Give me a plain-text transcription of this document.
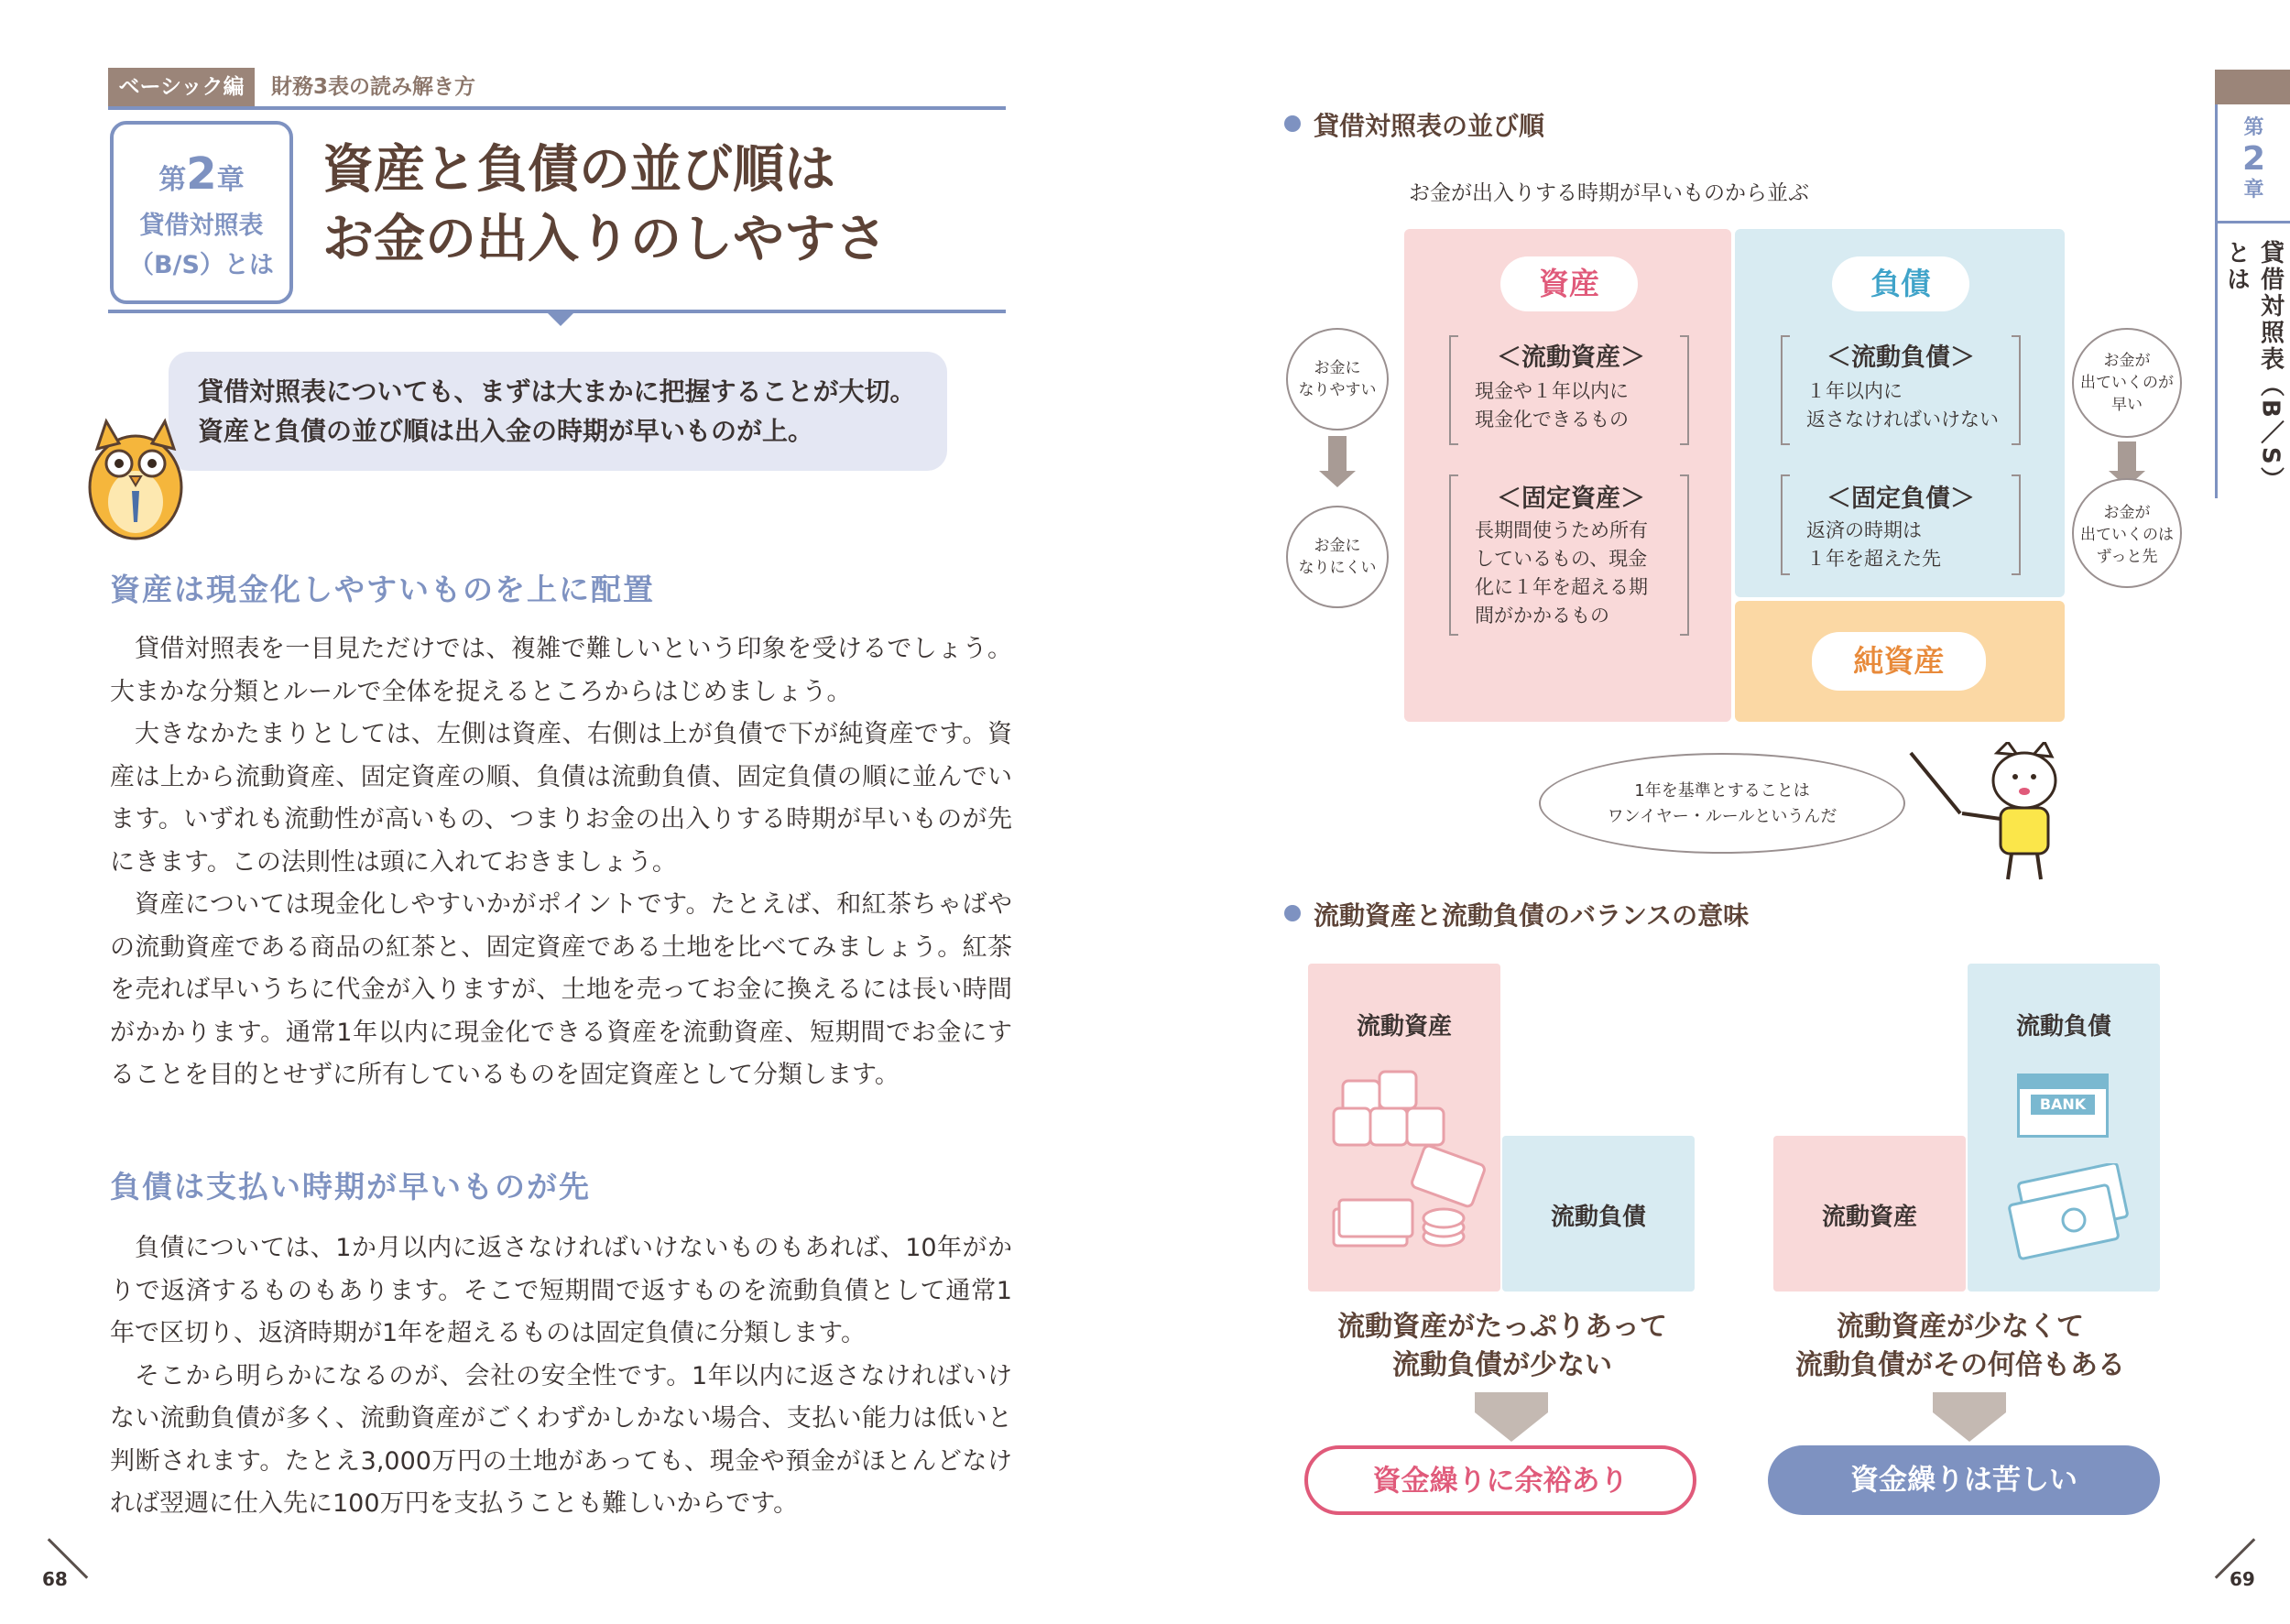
ベーシック編	財務3表の読み解き方
第2章
貸借対照表
（B/S）とは
資産と負債の並び順は
お金の出入りのしやすさ
貸借対照表についても、まずは大まかに把握することが大切。
資産と負債の並び順は出入金の時期が早いものが上。
資産は現金化しやすいものを上に配置

貸借対照表を一目見ただけでは、複雑で難しいという印象を受けるでしょう。大まかな分類とルールで全体を捉えるところからはじめましょう。

大きなかたまりとしては、左側は資産、右側は上が負債で下が純資産です。資産は上から流動資産、固定資産の順、負債は流動負債、固定負債の順に並んでいます。いずれも流動性が高いもの、つまりお金の出入りする時期が早いものが先にきます。この法則性は頭に入れておきましょう。

資産については現金化しやすいかがポイントです。たとえば、和紅茶ちゃばやの流動資産である商品の紅茶と、固定資産である土地を比べてみましょう。紅茶を売れば早いうちに代金が入りますが、土地を売ってお金に換えるには長い時間がかかります。通常1年以内に現金化できる資産を流動資産、短期間でお金にすることを目的とせずに所有しているものを固定資産として分類します。

負債は支払い時期が早いものが先

負債については、1か月以内に返さなければいけないものもあれば、10年がかりで返済するものもあります。そこで短期間で返すものを流動負債として通常1年で区切り、返済時期が1年を超えるものは固定負債に分類します。

そこから明らかになるのが、会社の安全性です。1年以内に返さなければいけない流動負債が多く、流動資産がごくわずかしかない場合、支払い能力は低いと判断されます。たとえ3,000万円の土地があっても、現金や預金がほとんどなければ翌週に仕入先に100万円を支払うことも難しいからです。

68
貸借対照表の並び順
お金が出入りする時期が早いものから並ぶ
資産	負債
純資産
＜流動資産＞
現金や１年以内に
現金化できるもの
＜固定資産＞
長期間使うため所有
しているもの、現金
化に１年を超える期
間がかかるもの
＜流動負債＞
１年以内に
返さなければいけない
＜固定負債＞
返済の時期は
１年を超えた先
お金に
なりやすい
お金に
なりにくい
お金が
出ていくのが
早い
お金が
出ていくのは
ずっと先
1年を基準とすることは
ワンイヤー・ルールというんだ
流動資産と流動負債のバランスの意味
流動資産
流動負債
流動資産がたっぷりあって
流動負債が少ない
資金繰りに余裕あり
流動資産
流動負債
BANK
流動資産が少なくて
流動負債がその何倍もある
資金繰りは苦しい
第
2
章
貸借対照表（B／S）とは
69
